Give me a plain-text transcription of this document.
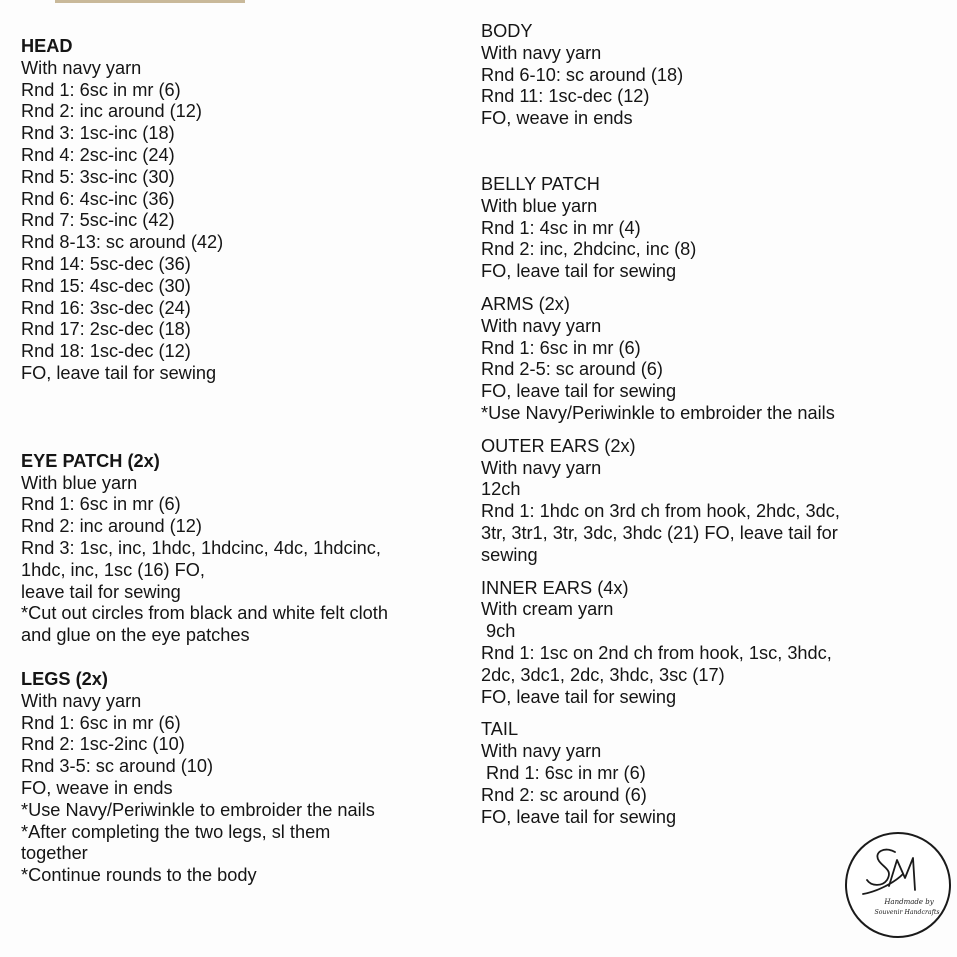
HEAD
With navy yarn
Rnd 1: 6sc in mr (6)
Rnd 2: inc around (12)
Rnd 3: 1sc-inc (18)
Rnd 4: 2sc-inc (24)
Rnd 5: 3sc-inc (30)
Rnd 6: 4sc-inc (36)
Rnd 7: 5sc-inc (42)
Rnd 8-13: sc around (42)
Rnd 14: 5sc-dec (36)
Rnd 15: 4sc-dec (30)
Rnd 16: 3sc-dec (24)
Rnd 17: 2sc-dec (18)
Rnd 18: 1sc-dec (12)
FO, leave tail for sewing
EYE PATCH (2x)
With blue yarn
Rnd 1: 6sc in mr (6)
Rnd 2: inc around (12)
Rnd 3: 1sc, inc, 1hdc, 1hdcinc, 4dc, 1hdcinc,
1hdc, inc, 1sc (16) FO,
leave tail for sewing
*Cut out circles from black and white felt cloth
and glue on the eye patches
LEGS (2x)
With navy yarn
Rnd 1: 6sc in mr (6)
Rnd 2: 1sc-2inc (10)
Rnd 3-5: sc around (10)
FO, weave in ends
*Use Navy/Periwinkle to embroider the nails
*After completing the two legs, sl them
together
*Continue rounds to the body
BODY
With navy yarn
Rnd 6-10: sc around (18)
Rnd 11: 1sc-dec (12)
FO, weave in ends
BELLY PATCH
With blue yarn
Rnd 1: 4sc in mr (4)
Rnd 2: inc, 2hdcinc, inc (8)
FO, leave tail for sewing
ARMS (2x)
With navy yarn
Rnd 1: 6sc in mr (6)
Rnd 2-5: sc around (6)
FO, leave tail for sewing
*Use Navy/Periwinkle to embroider the nails
OUTER EARS (2x)
With navy yarn
12ch
Rnd 1: 1hdc on 3rd ch from hook, 2hdc, 3dc,
3tr, 3tr1, 3tr, 3dc, 3hdc (21) FO, leave tail for
sewing
INNER EARS (4x)
With cream yarn
9ch
Rnd 1: 1sc on 2nd ch from hook, 1sc, 3hdc,
2dc, 3dc1, 2dc, 3hdc, 3sc (17)
FO, leave tail for sewing
TAIL
With navy yarn
Rnd 1: 6sc in mr (6)
Rnd 2: sc around (6)
FO, leave tail for sewing
Handmade by
Souvenir Handcrafts
